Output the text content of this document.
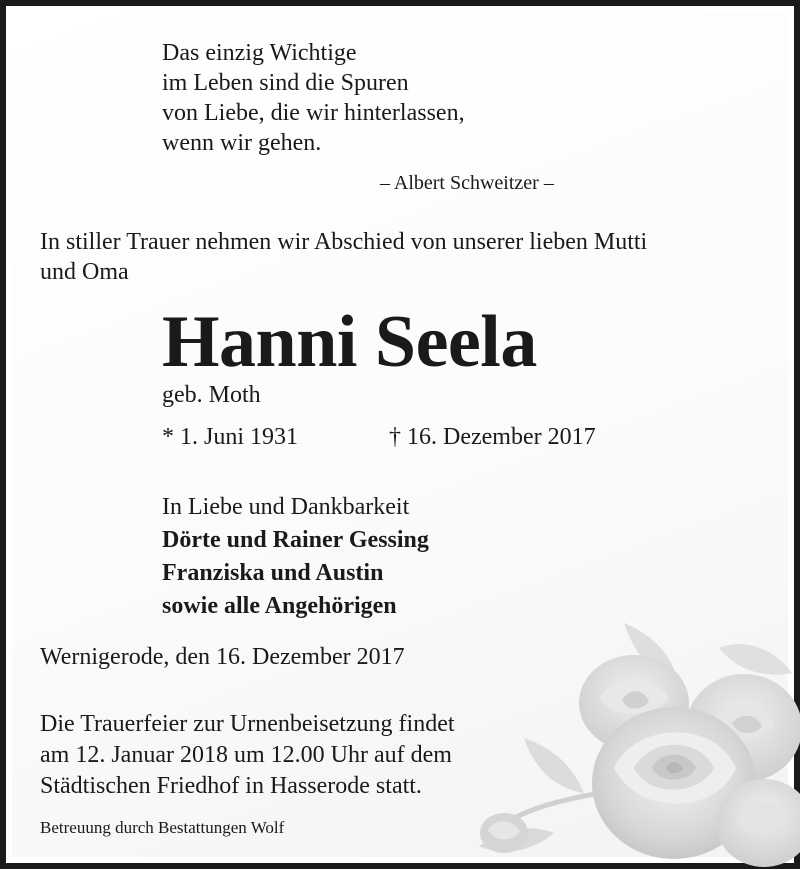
Das einzig Wichtige
im Leben sind die Spuren
von Liebe, die wir hinterlassen,
wenn wir gehen.
– Albert Schweitzer –
In stiller Trauer nehmen wir Abschied von unserer lieben Mutti
und Oma
Hanni Seela
geb. Moth
* 1. Juni 1931	† 16. Dezember 2017
In Liebe und Dankbarkeit
Dörte und Rainer Gessing
Franziska und Austin
sowie alle Angehörigen
Wernigerode, den 16. Dezember 2017
Die Trauerfeier zur Urnenbeisetzung findet
am 12. Januar 2018 um 12.00 Uhr auf dem
Städtischen Friedhof in Hasserode statt.
Betreuung durch Bestattungen Wolf
